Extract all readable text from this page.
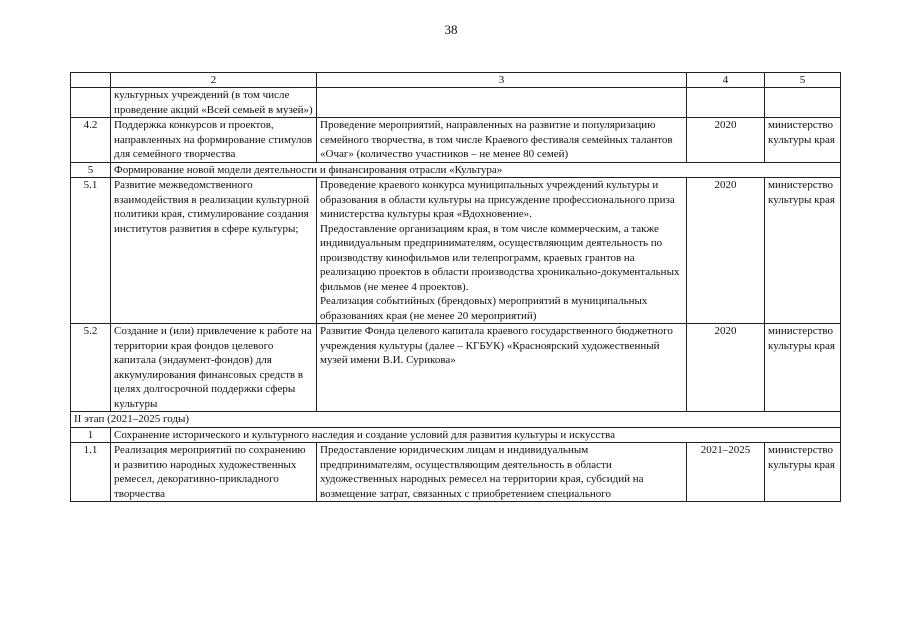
38
	2	3	4	5
	культурных учреждений (в том числе проведение акций «Всей семьей в музей»)			
4.2	Поддержка конкурсов и проектов, направленных на формирование стимулов для семейного творчества	Проведение мероприятий, направленных на развитие и популяризацию семейного творчества, в том числе Краевого фестиваля семейных талантов «Очаг» (количество участников – не менее 80 семей)	2020	министерство культуры края
5	Формирование новой модели деятельности и финансирования отрасли «Культура»			
5.1	Развитие межведомственного взаимодействия в реализации культурной политики края, стимулирование создания институтов развития в сфере культуры;	Проведение краевого конкурса муниципальных учреждений культуры и образования в области культуры на присуждение профессионального приза министерства культуры края «Вдохновение».
Предоставление организациям края, в том числе коммерческим, а также индивидуальным предпринимателям, осуществляющим деятельность по производству кинофильмов или телепрограмм, краевых грантов на реализацию проектов в области производства хроникально-документальных фильмов (не менее 4 проектов).
Реализация событийных (брендовых) мероприятий в муниципальных образованиях края (не менее 20 мероприятий)	2020	министерство культуры края
5.2	Создание и (или) привлечение к работе на территории края фондов целевого капитала (эндаумент-фондов) для аккумулирования финансовых средств в целях долгосрочной поддержки сферы культуры	Развитие Фонда целевого капитала краевого государственного бюджетного учреждения культуры (далее – КГБУК) «Красноярский художественный музей имени В.И. Сурикова»	2020	министерство культуры края
II этап (2021–2025 годы)				
1	Сохранение исторического и культурного наследия и создание условий для развития культуры и искусства			
1.1	Реализация мероприятий по сохранению и развитию народных художественных ремесел, декоративно-прикладного творчества	Предоставление юридическим лицам и индивидуальным предпринимателям, осуществляющим деятельность в области художественных народных ремесел на территории края, субсидий на возмещение затрат, связанных с приобретением специального	2021–2025	министерство культуры края
